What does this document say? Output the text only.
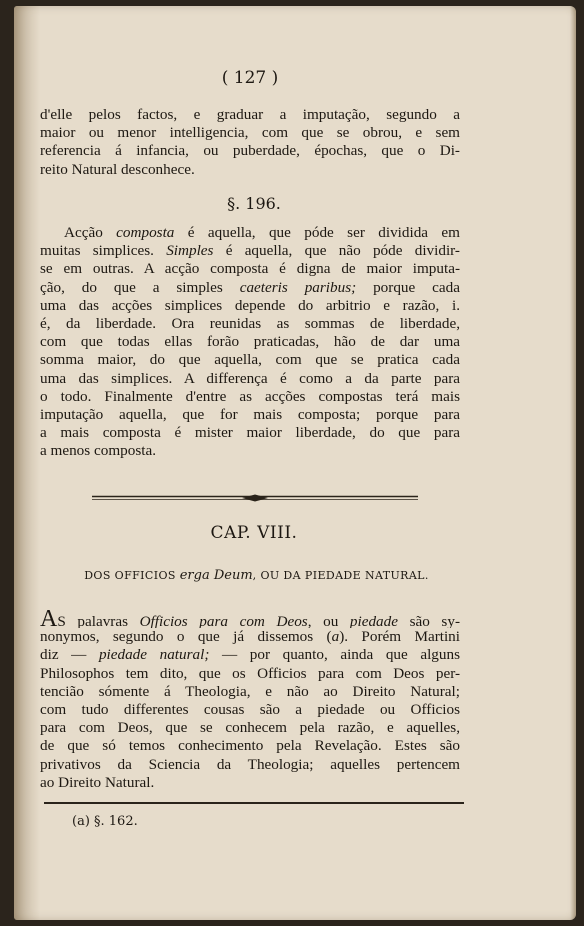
( 127 )
d'elle pelos factos, e graduar a imputação, segundo a
maior ou menor intelligencia, com que se obrou, e sem
referencia á infancia, ou puberdade, épochas, que o Di-
reito Natural desconhece.
§. 196.
Acção composta é aquella, que póde ser dividida em
muitas simplices. Simples é aquella, que não póde dividir-
se em outras. A acção composta é digna de maior imputa-
ção, do que a simples caeteris paribus; porque cada
uma das acções simplices depende do arbitrio e razão, i.
é, da liberdade. Ora reunidas as sommas de liberdade,
com que todas ellas forão praticadas, hão de dar uma
somma maior, do que aquella, com que se pratica cada
uma das simplices. A differença é como a da parte para
o todo. Finalmente d'entre as acções compostas terá mais
imputação aquella, que for mais composta; porque para
a mais composta é mister maior liberdade, do que para
a menos composta.
CAP. VIII.
DOS OFFICIOS erga Deum, OU DA PIEDADE NATURAL.
AS palavras Officios para com Deos, ou piedade são sy-
nonymos, segundo o que já dissemos (a). Porém Martini
diz — piedade natural; — por quanto, ainda que alguns
Philosophos tem dito, que os Officios para com Deos per-
tencião sómente á Theologia, e não ao Direito Natural;
com tudo differentes cousas são a piedade ou Officios
para com Deos, que se conhecem pela razão, e aquelles,
de que só temos conhecimento pela Revelação. Estes são
privativos da Sciencia da Theologia; aquelles pertencem
ao Direito Natural.
(a) §. 162.
